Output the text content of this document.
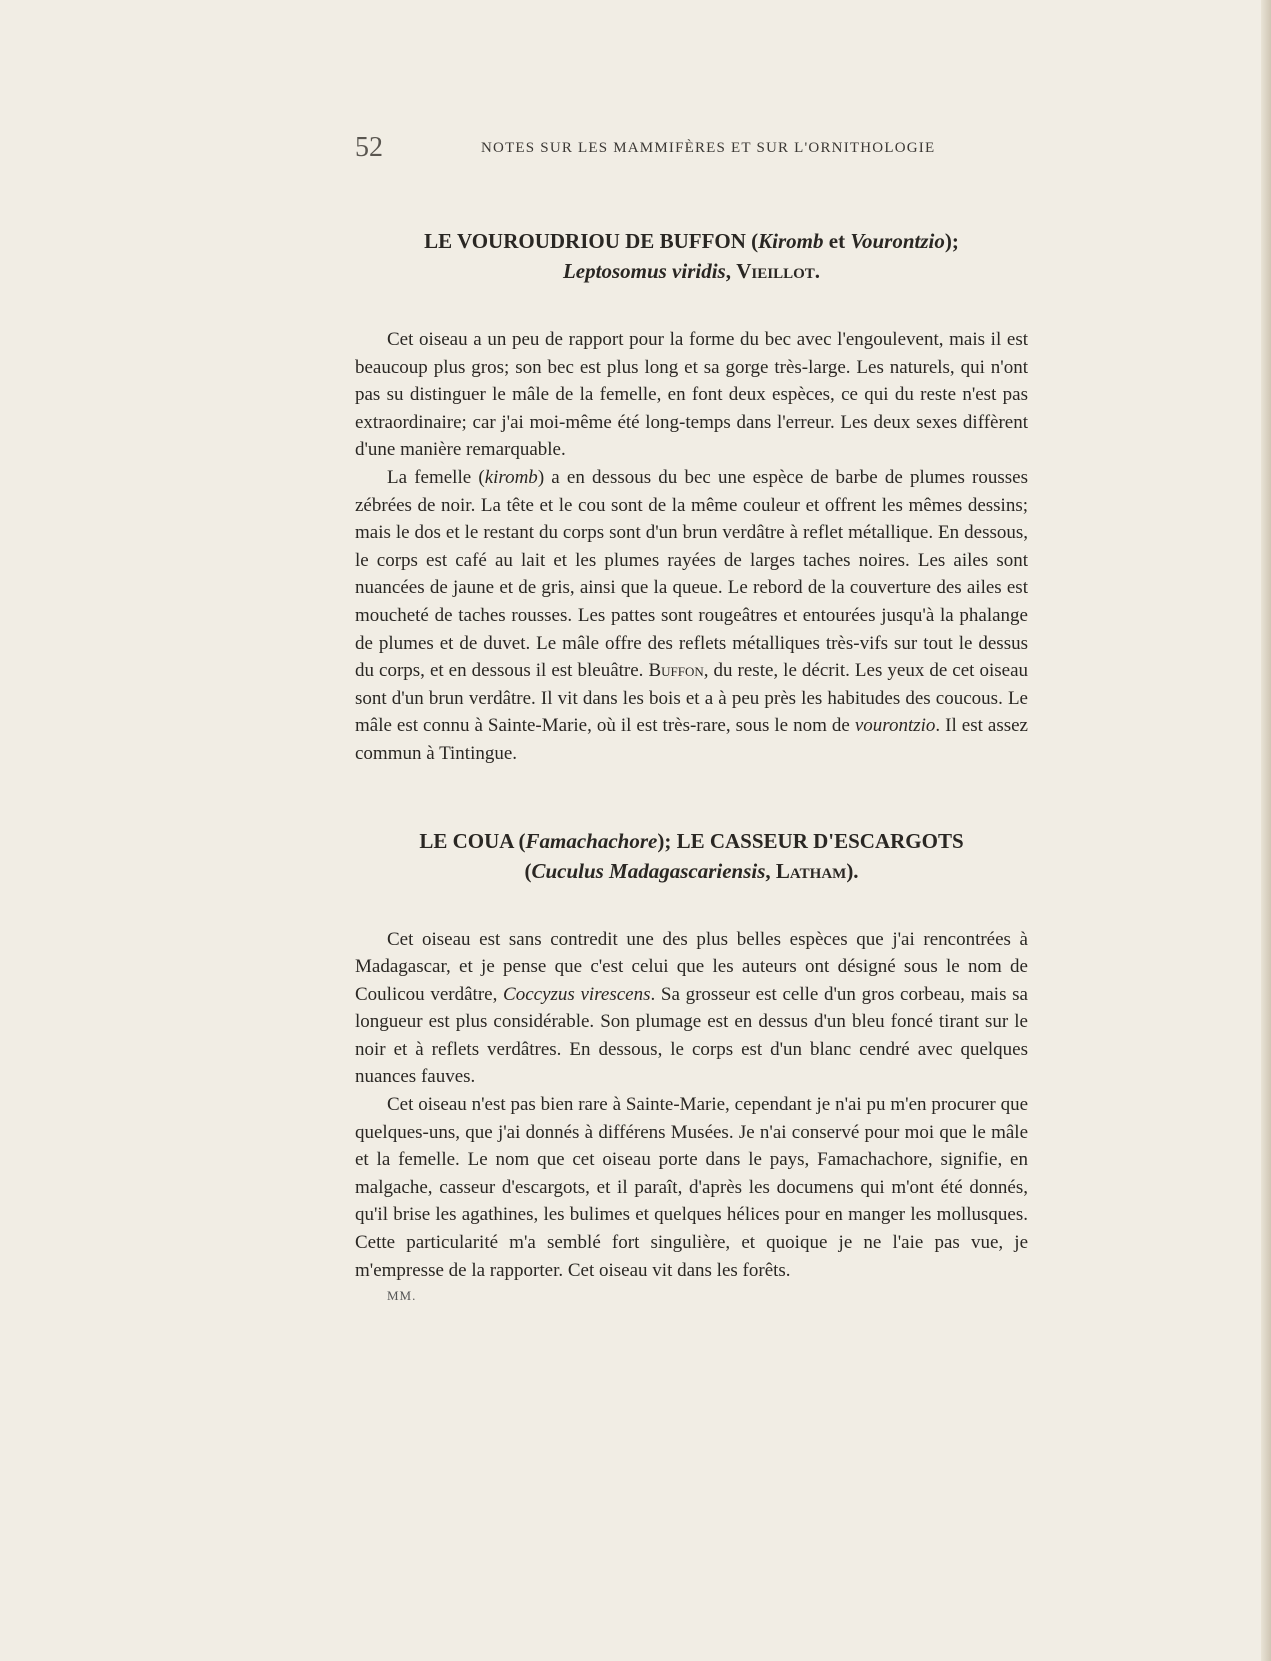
52	NOTES SUR LES MAMMIFÈRES ET SUR L'ORNITHOLOGIE
LE VOUROUDRIOU DE BUFFON (Kiromb et Vourontzio);
Leptosomus viridis, Vieillot.

Cet oiseau a un peu de rapport pour la forme du bec avec l'engoulevent, mais il est beaucoup plus gros; son bec est plus long et sa gorge très-large. Les naturels, qui n'ont pas su distinguer le mâle de la femelle, en font deux espèces, ce qui du reste n'est pas extraordinaire; car j'ai moi-même été long-temps dans l'erreur. Les deux sexes diffèrent d'une manière remarquable.

La femelle (kiromb) a en dessous du bec une espèce de barbe de plumes rousses zébrées de noir. La tête et le cou sont de la même couleur et offrent les mêmes dessins; mais le dos et le restant du corps sont d'un brun verdâtre à reflet métallique. En dessous, le corps est café au lait et les plumes rayées de larges taches noires. Les ailes sont nuancées de jaune et de gris, ainsi que la queue. Le rebord de la couverture des ailes est moucheté de taches rousses. Les pattes sont rougeâtres et entourées jusqu'à la phalange de plumes et de duvet. Le mâle offre des reflets métalliques très-vifs sur tout le dessus du corps, et en dessous il est bleuâtre. Buffon, du reste, le décrit. Les yeux de cet oiseau sont d'un brun verdâtre. Il vit dans les bois et a à peu près les habitudes des coucous. Le mâle est connu à Sainte-Marie, où il est très-rare, sous le nom de vourontzio. Il est assez commun à Tintingue.

LE COUA (Famachachore); LE CASSEUR D'ESCARGOTS
(Cuculus Madagascariensis, Latham).

Cet oiseau est sans contredit une des plus belles espèces que j'ai rencontrées à Madagascar, et je pense que c'est celui que les auteurs ont désigné sous le nom de Coulicou verdâtre, Coccyzus virescens. Sa grosseur est celle d'un gros corbeau, mais sa longueur est plus considérable. Son plumage est en dessus d'un bleu foncé tirant sur le noir et à reflets verdâtres. En dessous, le corps est d'un blanc cendré avec quelques nuances fauves.

Cet oiseau n'est pas bien rare à Sainte-Marie, cependant je n'ai pu m'en procurer que quelques-uns, que j'ai donnés à différens Musées. Je n'ai conservé pour moi que le mâle et la femelle. Le nom que cet oiseau porte dans le pays, Famachachore, signifie, en malgache, casseur d'escargots, et il paraît, d'après les documens qui m'ont été donnés, qu'il brise les agathines, les bulimes et quelques hélices pour en manger les mollusques. Cette particularité m'a semblé fort singulière, et quoique je ne l'aie pas vue, je m'empresse de la rapporter. Cet oiseau vit dans les forêts.

MM.
